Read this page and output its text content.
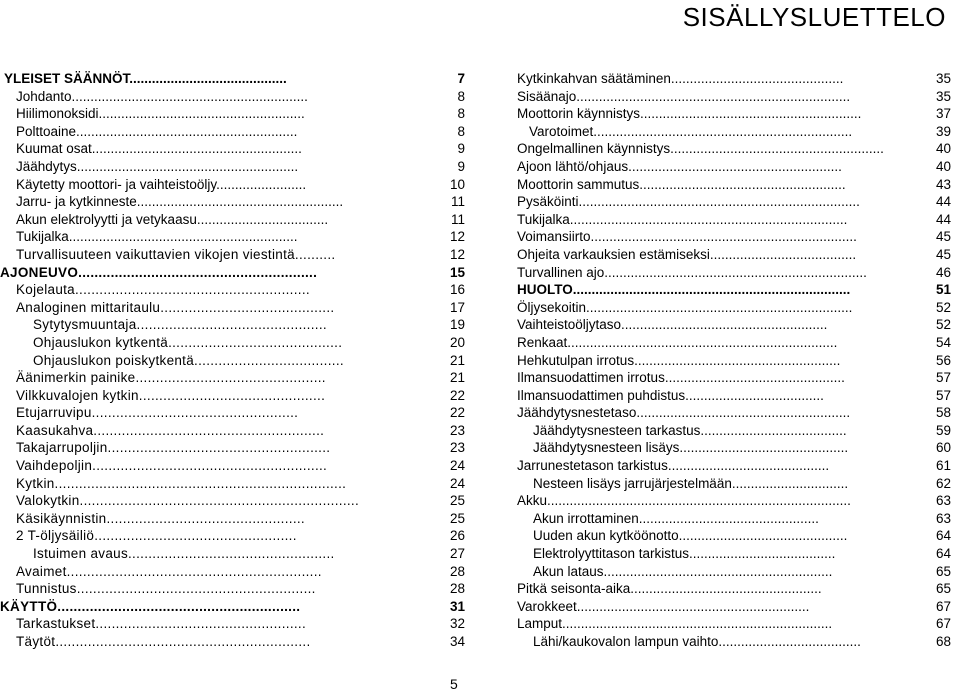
SISÄLLYSLUETTELO
YLEISET SÄÄNNÖT..........................................	7
Johdanto...............................................................	8
Hiilimonoksidi.......................................................	8
Polttoaine...........................................................	8
Kuumat osat........................................................	9
Jäähdytys...........................................................	9
Käytetty moottori- ja vaihteistoöljy........................	10
Jarru- ja kytkinneste.......................................................	11
Akun elektrolyytti ja vetykaasu...................................	11
Tukijalka.............................................................	12
Turvallisuuteen vaikuttavien vikojen viestintä..........	12
AJONEUVO...........................................................	15
Kojelauta..........................................................	16
Analoginen mittaritaulu...........................................	17
Sytytysmuuntaja...............................................	19
Ohjauslukon kytkentä...........................................	20
Ohjauslukon poiskytkentä.....................................	21
Äänimerkin painike...............................................	21
Vilkkuvalojen kytkin..............................................	22
Etujarruvipu...................................................	22
Kaasukahva.........................................................	23
Takajarrupoljin.......................................................	23
Vaihdepoljin..........................................................	24
Kytkin........................................................................	24
Valokytkin.....................................................................	25
Käsikäynnistin.................................................	25
2 T-öljysäiliö..................................................	26
Istuimen avaus...................................................	27
Avaimet...............................................................	28
Tunnistus...........................................................	28
KÄYTTÖ............................................................	31
Tarkastukset....................................................	32
Täytöt...............................................................	34
Kytkinkahvan säätäminen..............................................	35
Sisäänajo.........................................................................	35
Moottorin käynnistys...........................................................	37
Varotoimet.....................................................................	39
Ongelmallinen käynnistys.........................................................	40
Ajoon lähtö/ohjaus.........................................................	40
Moottorin sammutus.......................................................	43
Pysäköinti...........................................................................	44
Tukijalka..........................................................................	44
Voimansiirto.......................................................................	45
Ohjeita varkauksien estämiseksi.......................................	45
Turvallinen ajo......................................................................	46
HUOLTO..........................................................................	51
Öljysekoitin.......................................................................	52
Vaihteistoöljytaso.......................................................	52
Renkaat........................................................................	54
Hehkutulpan irrotus.......................................................	56
Ilmansuodattimen irrotus................................................	57
Ilmansuodattimen puhdistus.....................................	57
Jäähdytysnestetaso.........................................................	58
Jäähdytysnesteen tarkastus.......................................	59
Jäähdytysnesteen lisäys.............................................	60
Jarrunestetason tarkistus...........................................	61
Nesteen lisäys jarrujärjestelmään...............................	62
Akku.................................................................................	63
Akun irrottaminen................................................	63
Uuden akun kytköönotto.............................................	64
Elektrolyyttitason tarkistus.......................................	64
Akun lataus.............................................................	65
Pitkä seisonta-aika...................................................	65
Varokkeet..............................................................	67
Lamput........................................................................	67
Lähi/kaukovalon lampun vaihto......................................	68
5
